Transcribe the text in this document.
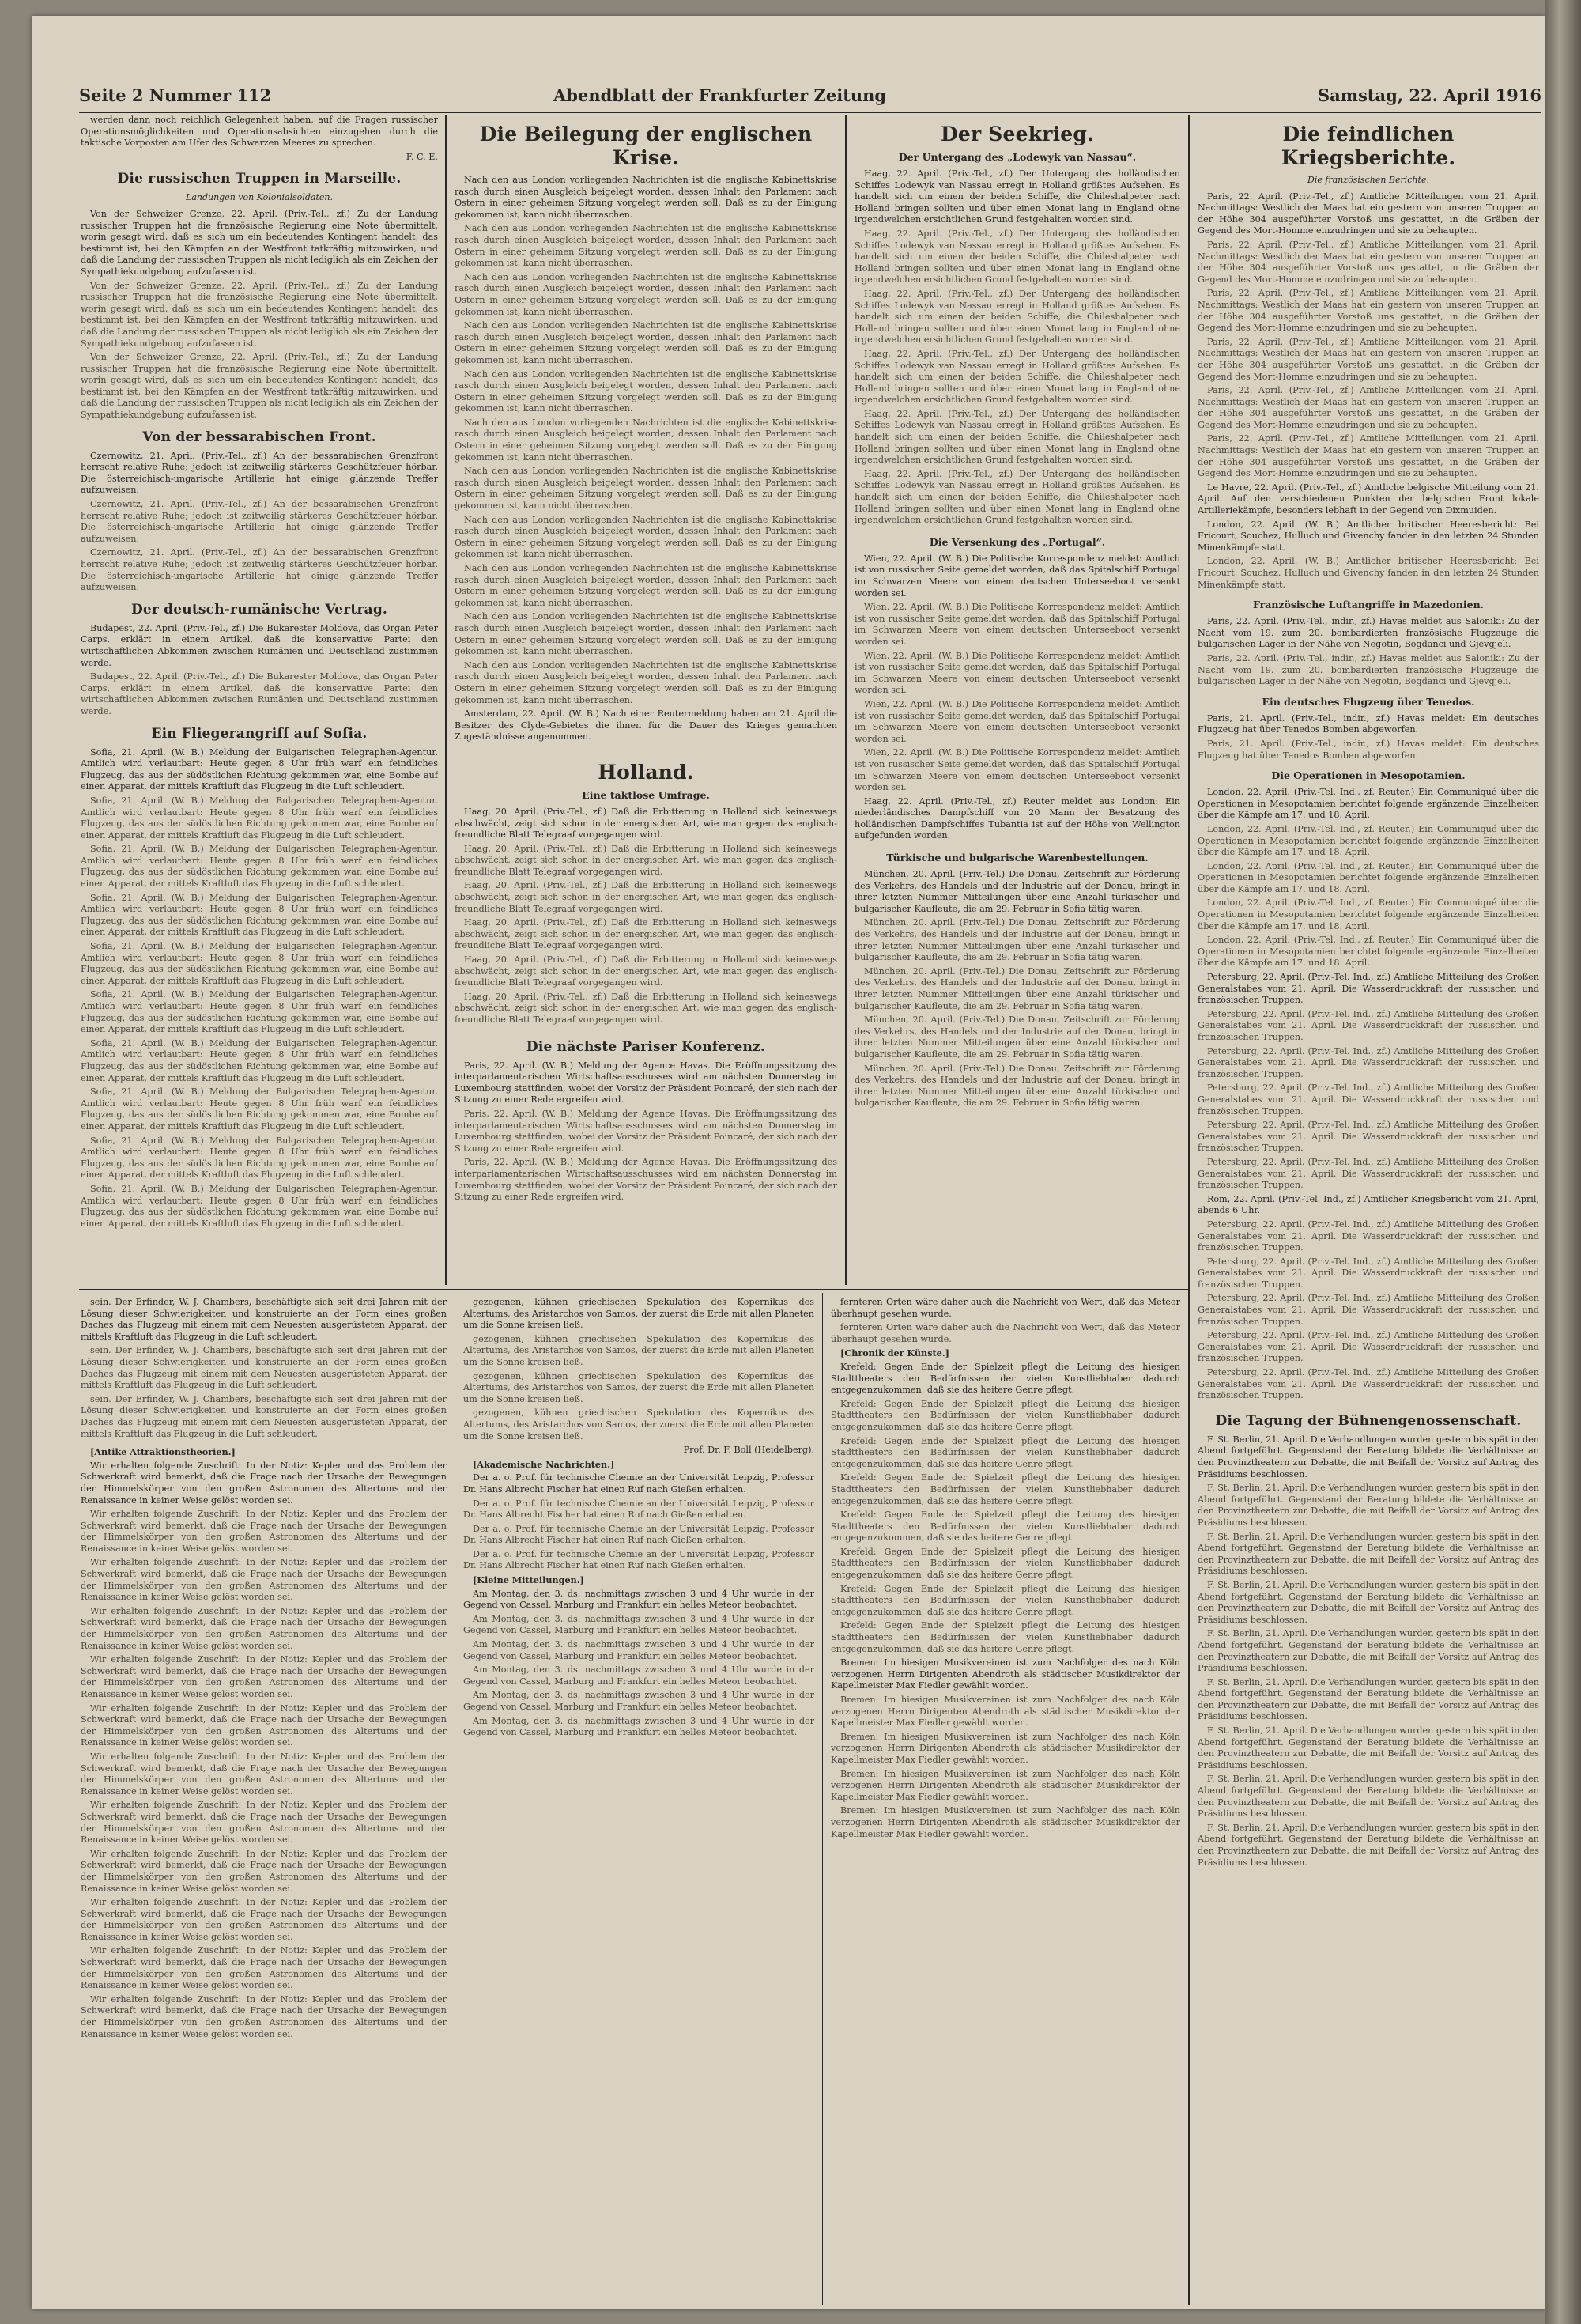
Seite 2 Nummer 112	Abendblatt der Frankfurter Zeitung	Samstag, 22. April 1916

werden dann noch reichlich Gelegenheit haben, auf die Fragen russischer Operationsmöglichkeiten und Operationsabsichten einzugehen durch die taktische Vorposten am Ufer des Schwarzen Meeres zu sprechen.

F. C. E.

Die russischen Truppen in Marseille.
Landungen von Kolonialsoldaten.

Von der Schweizer Grenze, 22. April. (Priv.-Tel., zf.) Zu der Landung russischer Truppen hat die französische Regierung eine Note übermittelt, worin gesagt wird, daß es sich um ein bedeutendes Kontingent handelt, das bestimmt ist, bei den Kämpfen an der Westfront tatkräftig mitzuwirken, und daß die Landung der russischen Truppen als nicht lediglich als ein Zeichen der Sympathiekundgebung aufzufassen ist.

Von der Schweizer Grenze, 22. April. (Priv.-Tel., zf.) Zu der Landung russischer Truppen hat die französische Regierung eine Note übermittelt, worin gesagt wird, daß es sich um ein bedeutendes Kontingent handelt, das bestimmt ist, bei den Kämpfen an der Westfront tatkräftig mitzuwirken, und daß die Landung der russischen Truppen als nicht lediglich als ein Zeichen der Sympathiekundgebung aufzufassen ist.

Von der Schweizer Grenze, 22. April. (Priv.-Tel., zf.) Zu der Landung russischer Truppen hat die französische Regierung eine Note übermittelt, worin gesagt wird, daß es sich um ein bedeutendes Kontingent handelt, das bestimmt ist, bei den Kämpfen an der Westfront tatkräftig mitzuwirken, und daß die Landung der russischen Truppen als nicht lediglich als ein Zeichen der Sympathiekundgebung aufzufassen ist.

Von der bessarabischen Front.

Czernowitz, 21. April. (Priv.-Tel., zf.) An der bessarabischen Grenzfront herrscht relative Ruhe; jedoch ist zeitweilig stärkeres Geschützfeuer hörbar. Die österreichisch-ungarische Artillerie hat einige glänzende Treffer aufzuweisen.

Czernowitz, 21. April. (Priv.-Tel., zf.) An der bessarabischen Grenzfront herrscht relative Ruhe; jedoch ist zeitweilig stärkeres Geschützfeuer hörbar. Die österreichisch-ungarische Artillerie hat einige glänzende Treffer aufzuweisen.

Czernowitz, 21. April. (Priv.-Tel., zf.) An der bessarabischen Grenzfront herrscht relative Ruhe; jedoch ist zeitweilig stärkeres Geschützfeuer hörbar. Die österreichisch-ungarische Artillerie hat einige glänzende Treffer aufzuweisen.

Der deutsch-rumänische Vertrag.

Budapest, 22. April. (Priv.-Tel., zf.) Die Bukarester Moldova, das Organ Peter Carps, erklärt in einem Artikel, daß die konservative Partei den wirtschaftlichen Abkommen zwischen Rumänien und Deutschland zustimmen werde.

Budapest, 22. April. (Priv.-Tel., zf.) Die Bukarester Moldova, das Organ Peter Carps, erklärt in einem Artikel, daß die konservative Partei den wirtschaftlichen Abkommen zwischen Rumänien und Deutschland zustimmen werde.

Ein Fliegerangriff auf Sofia.

Sofia, 21. April. (W. B.) Meldung der Bulgarischen Telegraphen-Agentur. Amtlich wird verlautbart: Heute gegen 8 Uhr früh warf ein feindliches Flugzeug, das aus der südöstlichen Richtung gekommen war, eine Bombe auf einen Apparat, der mittels Kraftluft das Flugzeug in die Luft schleudert.

Sofia, 21. April. (W. B.) Meldung der Bulgarischen Telegraphen-Agentur. Amtlich wird verlautbart: Heute gegen 8 Uhr früh warf ein feindliches Flugzeug, das aus der südöstlichen Richtung gekommen war, eine Bombe auf einen Apparat, der mittels Kraftluft das Flugzeug in die Luft schleudert.

Sofia, 21. April. (W. B.) Meldung der Bulgarischen Telegraphen-Agentur. Amtlich wird verlautbart: Heute gegen 8 Uhr früh warf ein feindliches Flugzeug, das aus der südöstlichen Richtung gekommen war, eine Bombe auf einen Apparat, der mittels Kraftluft das Flugzeug in die Luft schleudert.

Sofia, 21. April. (W. B.) Meldung der Bulgarischen Telegraphen-Agentur. Amtlich wird verlautbart: Heute gegen 8 Uhr früh warf ein feindliches Flugzeug, das aus der südöstlichen Richtung gekommen war, eine Bombe auf einen Apparat, der mittels Kraftluft das Flugzeug in die Luft schleudert.

Sofia, 21. April. (W. B.) Meldung der Bulgarischen Telegraphen-Agentur. Amtlich wird verlautbart: Heute gegen 8 Uhr früh warf ein feindliches Flugzeug, das aus der südöstlichen Richtung gekommen war, eine Bombe auf einen Apparat, der mittels Kraftluft das Flugzeug in die Luft schleudert.

Sofia, 21. April. (W. B.) Meldung der Bulgarischen Telegraphen-Agentur. Amtlich wird verlautbart: Heute gegen 8 Uhr früh warf ein feindliches Flugzeug, das aus der südöstlichen Richtung gekommen war, eine Bombe auf einen Apparat, der mittels Kraftluft das Flugzeug in die Luft schleudert.

Sofia, 21. April. (W. B.) Meldung der Bulgarischen Telegraphen-Agentur. Amtlich wird verlautbart: Heute gegen 8 Uhr früh warf ein feindliches Flugzeug, das aus der südöstlichen Richtung gekommen war, eine Bombe auf einen Apparat, der mittels Kraftluft das Flugzeug in die Luft schleudert.

Sofia, 21. April. (W. B.) Meldung der Bulgarischen Telegraphen-Agentur. Amtlich wird verlautbart: Heute gegen 8 Uhr früh warf ein feindliches Flugzeug, das aus der südöstlichen Richtung gekommen war, eine Bombe auf einen Apparat, der mittels Kraftluft das Flugzeug in die Luft schleudert.

Sofia, 21. April. (W. B.) Meldung der Bulgarischen Telegraphen-Agentur. Amtlich wird verlautbart: Heute gegen 8 Uhr früh warf ein feindliches Flugzeug, das aus der südöstlichen Richtung gekommen war, eine Bombe auf einen Apparat, der mittels Kraftluft das Flugzeug in die Luft schleudert.

Sofia, 21. April. (W. B.) Meldung der Bulgarischen Telegraphen-Agentur. Amtlich wird verlautbart: Heute gegen 8 Uhr früh warf ein feindliches Flugzeug, das aus der südöstlichen Richtung gekommen war, eine Bombe auf einen Apparat, der mittels Kraftluft das Flugzeug in die Luft schleudert.

Die Beilegung der englischen Krise.

Nach den aus London vorliegenden Nachrichten ist die englische Kabinettskrise rasch durch einen Ausgleich beigelegt worden, dessen Inhalt den Parlament nach Ostern in einer geheimen Sitzung vorgelegt werden soll. Daß es zu der Einigung gekommen ist, kann nicht überraschen.

Nach den aus London vorliegenden Nachrichten ist die englische Kabinettskrise rasch durch einen Ausgleich beigelegt worden, dessen Inhalt den Parlament nach Ostern in einer geheimen Sitzung vorgelegt werden soll. Daß es zu der Einigung gekommen ist, kann nicht überraschen.

Nach den aus London vorliegenden Nachrichten ist die englische Kabinettskrise rasch durch einen Ausgleich beigelegt worden, dessen Inhalt den Parlament nach Ostern in einer geheimen Sitzung vorgelegt werden soll. Daß es zu der Einigung gekommen ist, kann nicht überraschen.

Nach den aus London vorliegenden Nachrichten ist die englische Kabinettskrise rasch durch einen Ausgleich beigelegt worden, dessen Inhalt den Parlament nach Ostern in einer geheimen Sitzung vorgelegt werden soll. Daß es zu der Einigung gekommen ist, kann nicht überraschen.

Nach den aus London vorliegenden Nachrichten ist die englische Kabinettskrise rasch durch einen Ausgleich beigelegt worden, dessen Inhalt den Parlament nach Ostern in einer geheimen Sitzung vorgelegt werden soll. Daß es zu der Einigung gekommen ist, kann nicht überraschen.

Nach den aus London vorliegenden Nachrichten ist die englische Kabinettskrise rasch durch einen Ausgleich beigelegt worden, dessen Inhalt den Parlament nach Ostern in einer geheimen Sitzung vorgelegt werden soll. Daß es zu der Einigung gekommen ist, kann nicht überraschen.

Nach den aus London vorliegenden Nachrichten ist die englische Kabinettskrise rasch durch einen Ausgleich beigelegt worden, dessen Inhalt den Parlament nach Ostern in einer geheimen Sitzung vorgelegt werden soll. Daß es zu der Einigung gekommen ist, kann nicht überraschen.

Nach den aus London vorliegenden Nachrichten ist die englische Kabinettskrise rasch durch einen Ausgleich beigelegt worden, dessen Inhalt den Parlament nach Ostern in einer geheimen Sitzung vorgelegt werden soll. Daß es zu der Einigung gekommen ist, kann nicht überraschen.

Nach den aus London vorliegenden Nachrichten ist die englische Kabinettskrise rasch durch einen Ausgleich beigelegt worden, dessen Inhalt den Parlament nach Ostern in einer geheimen Sitzung vorgelegt werden soll. Daß es zu der Einigung gekommen ist, kann nicht überraschen.

Nach den aus London vorliegenden Nachrichten ist die englische Kabinettskrise rasch durch einen Ausgleich beigelegt worden, dessen Inhalt den Parlament nach Ostern in einer geheimen Sitzung vorgelegt werden soll. Daß es zu der Einigung gekommen ist, kann nicht überraschen.

Nach den aus London vorliegenden Nachrichten ist die englische Kabinettskrise rasch durch einen Ausgleich beigelegt worden, dessen Inhalt den Parlament nach Ostern in einer geheimen Sitzung vorgelegt werden soll. Daß es zu der Einigung gekommen ist, kann nicht überraschen.

Amsterdam, 22. April. (W. B.) Nach einer Reutermeldung haben am 21. April die Besitzer des Clyde-Gebietes die ihnen für die Dauer des Krieges gemachten Zugeständnisse angenommen.

Holland.
Eine taktlose Umfrage.

Haag, 20. April. (Priv.-Tel., zf.) Daß die Erbitterung in Holland sich keineswegs abschwächt, zeigt sich schon in der energischen Art, wie man gegen das englisch-freundliche Blatt Telegraaf vorgegangen wird.

Haag, 20. April. (Priv.-Tel., zf.) Daß die Erbitterung in Holland sich keineswegs abschwächt, zeigt sich schon in der energischen Art, wie man gegen das englisch-freundliche Blatt Telegraaf vorgegangen wird.

Haag, 20. April. (Priv.-Tel., zf.) Daß die Erbitterung in Holland sich keineswegs abschwächt, zeigt sich schon in der energischen Art, wie man gegen das englisch-freundliche Blatt Telegraaf vorgegangen wird.

Haag, 20. April. (Priv.-Tel., zf.) Daß die Erbitterung in Holland sich keineswegs abschwächt, zeigt sich schon in der energischen Art, wie man gegen das englisch-freundliche Blatt Telegraaf vorgegangen wird.

Haag, 20. April. (Priv.-Tel., zf.) Daß die Erbitterung in Holland sich keineswegs abschwächt, zeigt sich schon in der energischen Art, wie man gegen das englisch-freundliche Blatt Telegraaf vorgegangen wird.

Haag, 20. April. (Priv.-Tel., zf.) Daß die Erbitterung in Holland sich keineswegs abschwächt, zeigt sich schon in der energischen Art, wie man gegen das englisch-freundliche Blatt Telegraaf vorgegangen wird.

Die nächste Pariser Konferenz.

Paris, 22. April. (W. B.) Meldung der Agence Havas. Die Eröffnungssitzung des interparlamentarischen Wirtschaftsausschusses wird am nächsten Donnerstag im Luxembourg stattfinden, wobei der Vorsitz der Präsident Poincaré, der sich nach der Sitzung zu einer Rede ergreifen wird.

Paris, 22. April. (W. B.) Meldung der Agence Havas. Die Eröffnungssitzung des interparlamentarischen Wirtschaftsausschusses wird am nächsten Donnerstag im Luxembourg stattfinden, wobei der Vorsitz der Präsident Poincaré, der sich nach der Sitzung zu einer Rede ergreifen wird.

Paris, 22. April. (W. B.) Meldung der Agence Havas. Die Eröffnungssitzung des interparlamentarischen Wirtschaftsausschusses wird am nächsten Donnerstag im Luxembourg stattfinden, wobei der Vorsitz der Präsident Poincaré, der sich nach der Sitzung zu einer Rede ergreifen wird.

Der Seekrieg.
Der Untergang des „Lodewyk van Nassau“.

Haag, 22. April. (Priv.-Tel., zf.) Der Untergang des holländischen Schiffes Lodewyk van Nassau erregt in Holland größtes Aufsehen. Es handelt sich um einen der beiden Schiffe, die Chileshalpeter nach Holland bringen sollten und über einen Monat lang in England ohne irgendwelchen ersichtlichen Grund festgehalten worden sind.

Haag, 22. April. (Priv.-Tel., zf.) Der Untergang des holländischen Schiffes Lodewyk van Nassau erregt in Holland größtes Aufsehen. Es handelt sich um einen der beiden Schiffe, die Chileshalpeter nach Holland bringen sollten und über einen Monat lang in England ohne irgendwelchen ersichtlichen Grund festgehalten worden sind.

Haag, 22. April. (Priv.-Tel., zf.) Der Untergang des holländischen Schiffes Lodewyk van Nassau erregt in Holland größtes Aufsehen. Es handelt sich um einen der beiden Schiffe, die Chileshalpeter nach Holland bringen sollten und über einen Monat lang in England ohne irgendwelchen ersichtlichen Grund festgehalten worden sind.

Haag, 22. April. (Priv.-Tel., zf.) Der Untergang des holländischen Schiffes Lodewyk van Nassau erregt in Holland größtes Aufsehen. Es handelt sich um einen der beiden Schiffe, die Chileshalpeter nach Holland bringen sollten und über einen Monat lang in England ohne irgendwelchen ersichtlichen Grund festgehalten worden sind.

Haag, 22. April. (Priv.-Tel., zf.) Der Untergang des holländischen Schiffes Lodewyk van Nassau erregt in Holland größtes Aufsehen. Es handelt sich um einen der beiden Schiffe, die Chileshalpeter nach Holland bringen sollten und über einen Monat lang in England ohne irgendwelchen ersichtlichen Grund festgehalten worden sind.

Haag, 22. April. (Priv.-Tel., zf.) Der Untergang des holländischen Schiffes Lodewyk van Nassau erregt in Holland größtes Aufsehen. Es handelt sich um einen der beiden Schiffe, die Chileshalpeter nach Holland bringen sollten und über einen Monat lang in England ohne irgendwelchen ersichtlichen Grund festgehalten worden sind.

Die Versenkung des „Portugal“.

Wien, 22. April. (W. B.) Die Politische Korrespondenz meldet: Amtlich ist von russischer Seite gemeldet worden, daß das Spitalschiff Portugal im Schwarzen Meere von einem deutschen Unterseeboot versenkt worden sei.

Wien, 22. April. (W. B.) Die Politische Korrespondenz meldet: Amtlich ist von russischer Seite gemeldet worden, daß das Spitalschiff Portugal im Schwarzen Meere von einem deutschen Unterseeboot versenkt worden sei.

Wien, 22. April. (W. B.) Die Politische Korrespondenz meldet: Amtlich ist von russischer Seite gemeldet worden, daß das Spitalschiff Portugal im Schwarzen Meere von einem deutschen Unterseeboot versenkt worden sei.

Wien, 22. April. (W. B.) Die Politische Korrespondenz meldet: Amtlich ist von russischer Seite gemeldet worden, daß das Spitalschiff Portugal im Schwarzen Meere von einem deutschen Unterseeboot versenkt worden sei.

Wien, 22. April. (W. B.) Die Politische Korrespondenz meldet: Amtlich ist von russischer Seite gemeldet worden, daß das Spitalschiff Portugal im Schwarzen Meere von einem deutschen Unterseeboot versenkt worden sei.

Haag, 22. April. (Priv.-Tel., zf.) Reuter meldet aus London: Ein niederländisches Dampfschiff von 20 Mann der Besatzung des holländischen Dampfschiffes Tubantia ist auf der Höhe von Wellington aufgefunden worden.

Türkische und bulgarische Warenbestellungen.

München, 20. April. (Priv.-Tel.) Die Donau, Zeitschrift zur Förderung des Verkehrs, des Handels und der Industrie auf der Donau, bringt in ihrer letzten Nummer Mitteilungen über eine Anzahl türkischer und bulgarischer Kaufleute, die am 29. Februar in Sofia tätig waren.

München, 20. April. (Priv.-Tel.) Die Donau, Zeitschrift zur Förderung des Verkehrs, des Handels und der Industrie auf der Donau, bringt in ihrer letzten Nummer Mitteilungen über eine Anzahl türkischer und bulgarischer Kaufleute, die am 29. Februar in Sofia tätig waren.

München, 20. April. (Priv.-Tel.) Die Donau, Zeitschrift zur Förderung des Verkehrs, des Handels und der Industrie auf der Donau, bringt in ihrer letzten Nummer Mitteilungen über eine Anzahl türkischer und bulgarischer Kaufleute, die am 29. Februar in Sofia tätig waren.

München, 20. April. (Priv.-Tel.) Die Donau, Zeitschrift zur Förderung des Verkehrs, des Handels und der Industrie auf der Donau, bringt in ihrer letzten Nummer Mitteilungen über eine Anzahl türkischer und bulgarischer Kaufleute, die am 29. Februar in Sofia tätig waren.

München, 20. April. (Priv.-Tel.) Die Donau, Zeitschrift zur Förderung des Verkehrs, des Handels und der Industrie auf der Donau, bringt in ihrer letzten Nummer Mitteilungen über eine Anzahl türkischer und bulgarischer Kaufleute, die am 29. Februar in Sofia tätig waren.

Die feindlichen Kriegsberichte.
Die französischen Berichte.

Paris, 22. April. (Priv.-Tel., zf.) Amtliche Mitteilungen vom 21. April. Nachmittags: Westlich der Maas hat ein gestern von unseren Truppen an der Höhe 304 ausgeführter Vorstoß uns gestattet, in die Gräben der Gegend des Mort-Homme einzudringen und sie zu behaupten.

Paris, 22. April. (Priv.-Tel., zf.) Amtliche Mitteilungen vom 21. April. Nachmittags: Westlich der Maas hat ein gestern von unseren Truppen an der Höhe 304 ausgeführter Vorstoß uns gestattet, in die Gräben der Gegend des Mort-Homme einzudringen und sie zu behaupten.

Paris, 22. April. (Priv.-Tel., zf.) Amtliche Mitteilungen vom 21. April. Nachmittags: Westlich der Maas hat ein gestern von unseren Truppen an der Höhe 304 ausgeführter Vorstoß uns gestattet, in die Gräben der Gegend des Mort-Homme einzudringen und sie zu behaupten.

Paris, 22. April. (Priv.-Tel., zf.) Amtliche Mitteilungen vom 21. April. Nachmittags: Westlich der Maas hat ein gestern von unseren Truppen an der Höhe 304 ausgeführter Vorstoß uns gestattet, in die Gräben der Gegend des Mort-Homme einzudringen und sie zu behaupten.

Paris, 22. April. (Priv.-Tel., zf.) Amtliche Mitteilungen vom 21. April. Nachmittags: Westlich der Maas hat ein gestern von unseren Truppen an der Höhe 304 ausgeführter Vorstoß uns gestattet, in die Gräben der Gegend des Mort-Homme einzudringen und sie zu behaupten.

Paris, 22. April. (Priv.-Tel., zf.) Amtliche Mitteilungen vom 21. April. Nachmittags: Westlich der Maas hat ein gestern von unseren Truppen an der Höhe 304 ausgeführter Vorstoß uns gestattet, in die Gräben der Gegend des Mort-Homme einzudringen und sie zu behaupten.

Le Havre, 22. April. (Priv.-Tel., zf.) Amtliche belgische Mitteilung vom 21. April. Auf den verschiedenen Punkten der belgischen Front lokale Artilleriekämpfe, besonders lebhaft in der Gegend von Dixmuiden.

London, 22. April. (W. B.) Amtlicher britischer Heeresbericht: Bei Fricourt, Souchez, Hulluch und Givenchy fanden in den letzten 24 Stunden Minenkämpfe statt.

London, 22. April. (W. B.) Amtlicher britischer Heeresbericht: Bei Fricourt, Souchez, Hulluch und Givenchy fanden in den letzten 24 Stunden Minenkämpfe statt.

Französische Luftangriffe in Mazedonien.

Paris, 22. April. (Priv.-Tel., indir., zf.) Havas meldet aus Saloniki: Zu der Nacht vom 19. zum 20. bombardierten französische Flugzeuge die bulgarischen Lager in der Nähe von Negotin, Bogdanci und Gjevgjeli.

Paris, 22. April. (Priv.-Tel., indir., zf.) Havas meldet aus Saloniki: Zu der Nacht vom 19. zum 20. bombardierten französische Flugzeuge die bulgarischen Lager in der Nähe von Negotin, Bogdanci und Gjevgjeli.

Ein deutsches Flugzeug über Tenedos.

Paris, 21. April. (Priv.-Tel., indir., zf.) Havas meldet: Ein deutsches Flugzeug hat über Tenedos Bomben abgeworfen.

Paris, 21. April. (Priv.-Tel., indir., zf.) Havas meldet: Ein deutsches Flugzeug hat über Tenedos Bomben abgeworfen.

Die Operationen in Mesopotamien.

London, 22. April. (Priv.-Tel. Ind., zf. Reuter.) Ein Communiqué über die Operationen in Mesopotamien berichtet folgende ergänzende Einzelheiten über die Kämpfe am 17. und 18. April.

London, 22. April. (Priv.-Tel. Ind., zf. Reuter.) Ein Communiqué über die Operationen in Mesopotamien berichtet folgende ergänzende Einzelheiten über die Kämpfe am 17. und 18. April.

London, 22. April. (Priv.-Tel. Ind., zf. Reuter.) Ein Communiqué über die Operationen in Mesopotamien berichtet folgende ergänzende Einzelheiten über die Kämpfe am 17. und 18. April.

London, 22. April. (Priv.-Tel. Ind., zf. Reuter.) Ein Communiqué über die Operationen in Mesopotamien berichtet folgende ergänzende Einzelheiten über die Kämpfe am 17. und 18. April.

London, 22. April. (Priv.-Tel. Ind., zf. Reuter.) Ein Communiqué über die Operationen in Mesopotamien berichtet folgende ergänzende Einzelheiten über die Kämpfe am 17. und 18. April.

Petersburg, 22. April. (Priv.-Tel. Ind., zf.) Amtliche Mitteilung des Großen Generalstabes vom 21. April. Die Wasserdruckkraft der russischen und französischen Truppen.

Petersburg, 22. April. (Priv.-Tel. Ind., zf.) Amtliche Mitteilung des Großen Generalstabes vom 21. April. Die Wasserdruckkraft der russischen und französischen Truppen.

Petersburg, 22. April. (Priv.-Tel. Ind., zf.) Amtliche Mitteilung des Großen Generalstabes vom 21. April. Die Wasserdruckkraft der russischen und französischen Truppen.

Petersburg, 22. April. (Priv.-Tel. Ind., zf.) Amtliche Mitteilung des Großen Generalstabes vom 21. April. Die Wasserdruckkraft der russischen und französischen Truppen.

Petersburg, 22. April. (Priv.-Tel. Ind., zf.) Amtliche Mitteilung des Großen Generalstabes vom 21. April. Die Wasserdruckkraft der russischen und französischen Truppen.

Petersburg, 22. April. (Priv.-Tel. Ind., zf.) Amtliche Mitteilung des Großen Generalstabes vom 21. April. Die Wasserdruckkraft der russischen und französischen Truppen.

Rom, 22. April. (Priv.-Tel. Ind., zf.) Amtlicher Kriegsbericht vom 21. April, abends 6 Uhr.

Petersburg, 22. April. (Priv.-Tel. Ind., zf.) Amtliche Mitteilung des Großen Generalstabes vom 21. April. Die Wasserdruckkraft der russischen und französischen Truppen.

Petersburg, 22. April. (Priv.-Tel. Ind., zf.) Amtliche Mitteilung des Großen Generalstabes vom 21. April. Die Wasserdruckkraft der russischen und französischen Truppen.

Petersburg, 22. April. (Priv.-Tel. Ind., zf.) Amtliche Mitteilung des Großen Generalstabes vom 21. April. Die Wasserdruckkraft der russischen und französischen Truppen.

Petersburg, 22. April. (Priv.-Tel. Ind., zf.) Amtliche Mitteilung des Großen Generalstabes vom 21. April. Die Wasserdruckkraft der russischen und französischen Truppen.

Petersburg, 22. April. (Priv.-Tel. Ind., zf.) Amtliche Mitteilung des Großen Generalstabes vom 21. April. Die Wasserdruckkraft der russischen und französischen Truppen.

Die Tagung der Bühnengenossenschaft.

F. St. Berlin, 21. April. Die Verhandlungen wurden gestern bis spät in den Abend fortgeführt. Gegenstand der Beratung bildete die Verhältnisse an den Provinztheatern zur Debatte, die mit Beifall der Vorsitz auf Antrag des Präsidiums beschlossen.

F. St. Berlin, 21. April. Die Verhandlungen wurden gestern bis spät in den Abend fortgeführt. Gegenstand der Beratung bildete die Verhältnisse an den Provinztheatern zur Debatte, die mit Beifall der Vorsitz auf Antrag des Präsidiums beschlossen.

F. St. Berlin, 21. April. Die Verhandlungen wurden gestern bis spät in den Abend fortgeführt. Gegenstand der Beratung bildete die Verhältnisse an den Provinztheatern zur Debatte, die mit Beifall der Vorsitz auf Antrag des Präsidiums beschlossen.

F. St. Berlin, 21. April. Die Verhandlungen wurden gestern bis spät in den Abend fortgeführt. Gegenstand der Beratung bildete die Verhältnisse an den Provinztheatern zur Debatte, die mit Beifall der Vorsitz auf Antrag des Präsidiums beschlossen.

F. St. Berlin, 21. April. Die Verhandlungen wurden gestern bis spät in den Abend fortgeführt. Gegenstand der Beratung bildete die Verhältnisse an den Provinztheatern zur Debatte, die mit Beifall der Vorsitz auf Antrag des Präsidiums beschlossen.

F. St. Berlin, 21. April. Die Verhandlungen wurden gestern bis spät in den Abend fortgeführt. Gegenstand der Beratung bildete die Verhältnisse an den Provinztheatern zur Debatte, die mit Beifall der Vorsitz auf Antrag des Präsidiums beschlossen.

F. St. Berlin, 21. April. Die Verhandlungen wurden gestern bis spät in den Abend fortgeführt. Gegenstand der Beratung bildete die Verhältnisse an den Provinztheatern zur Debatte, die mit Beifall der Vorsitz auf Antrag des Präsidiums beschlossen.

F. St. Berlin, 21. April. Die Verhandlungen wurden gestern bis spät in den Abend fortgeführt. Gegenstand der Beratung bildete die Verhältnisse an den Provinztheatern zur Debatte, die mit Beifall der Vorsitz auf Antrag des Präsidiums beschlossen.

F. St. Berlin, 21. April. Die Verhandlungen wurden gestern bis spät in den Abend fortgeführt. Gegenstand der Beratung bildete die Verhältnisse an den Provinztheatern zur Debatte, die mit Beifall der Vorsitz auf Antrag des Präsidiums beschlossen.

sein. Der Erfinder, W. J. Chambers, beschäftigte sich seit drei Jahren mit der Lösung dieser Schwierigkeiten und konstruierte an der Form eines großen Daches das Flugzeug mit einem mit dem Neuesten ausgerüsteten Apparat, der mittels Kraftluft das Flugzeug in die Luft schleudert.

sein. Der Erfinder, W. J. Chambers, beschäftigte sich seit drei Jahren mit der Lösung dieser Schwierigkeiten und konstruierte an der Form eines großen Daches das Flugzeug mit einem mit dem Neuesten ausgerüsteten Apparat, der mittels Kraftluft das Flugzeug in die Luft schleudert.

sein. Der Erfinder, W. J. Chambers, beschäftigte sich seit drei Jahren mit der Lösung dieser Schwierigkeiten und konstruierte an der Form eines großen Daches das Flugzeug mit einem mit dem Neuesten ausgerüsteten Apparat, der mittels Kraftluft das Flugzeug in die Luft schleudert.

[Antike Attraktionstheorien.]

Wir erhalten folgende Zuschrift: In der Notiz: Kepler und das Problem der Schwerkraft wird bemerkt, daß die Frage nach der Ursache der Bewegungen der Himmelskörper von den großen Astronomen des Altertums und der Renaissance in keiner Weise gelöst worden sei.

Wir erhalten folgende Zuschrift: In der Notiz: Kepler und das Problem der Schwerkraft wird bemerkt, daß die Frage nach der Ursache der Bewegungen der Himmelskörper von den großen Astronomen des Altertums und der Renaissance in keiner Weise gelöst worden sei.

Wir erhalten folgende Zuschrift: In der Notiz: Kepler und das Problem der Schwerkraft wird bemerkt, daß die Frage nach der Ursache der Bewegungen der Himmelskörper von den großen Astronomen des Altertums und der Renaissance in keiner Weise gelöst worden sei.

Wir erhalten folgende Zuschrift: In der Notiz: Kepler und das Problem der Schwerkraft wird bemerkt, daß die Frage nach der Ursache der Bewegungen der Himmelskörper von den großen Astronomen des Altertums und der Renaissance in keiner Weise gelöst worden sei.

Wir erhalten folgende Zuschrift: In der Notiz: Kepler und das Problem der Schwerkraft wird bemerkt, daß die Frage nach der Ursache der Bewegungen der Himmelskörper von den großen Astronomen des Altertums und der Renaissance in keiner Weise gelöst worden sei.

Wir erhalten folgende Zuschrift: In der Notiz: Kepler und das Problem der Schwerkraft wird bemerkt, daß die Frage nach der Ursache der Bewegungen der Himmelskörper von den großen Astronomen des Altertums und der Renaissance in keiner Weise gelöst worden sei.

Wir erhalten folgende Zuschrift: In der Notiz: Kepler und das Problem der Schwerkraft wird bemerkt, daß die Frage nach der Ursache der Bewegungen der Himmelskörper von den großen Astronomen des Altertums und der Renaissance in keiner Weise gelöst worden sei.

Wir erhalten folgende Zuschrift: In der Notiz: Kepler und das Problem der Schwerkraft wird bemerkt, daß die Frage nach der Ursache der Bewegungen der Himmelskörper von den großen Astronomen des Altertums und der Renaissance in keiner Weise gelöst worden sei.

Wir erhalten folgende Zuschrift: In der Notiz: Kepler und das Problem der Schwerkraft wird bemerkt, daß die Frage nach der Ursache der Bewegungen der Himmelskörper von den großen Astronomen des Altertums und der Renaissance in keiner Weise gelöst worden sei.

Wir erhalten folgende Zuschrift: In der Notiz: Kepler und das Problem der Schwerkraft wird bemerkt, daß die Frage nach der Ursache der Bewegungen der Himmelskörper von den großen Astronomen des Altertums und der Renaissance in keiner Weise gelöst worden sei.

Wir erhalten folgende Zuschrift: In der Notiz: Kepler und das Problem der Schwerkraft wird bemerkt, daß die Frage nach der Ursache der Bewegungen der Himmelskörper von den großen Astronomen des Altertums und der Renaissance in keiner Weise gelöst worden sei.

Wir erhalten folgende Zuschrift: In der Notiz: Kepler und das Problem der Schwerkraft wird bemerkt, daß die Frage nach der Ursache der Bewegungen der Himmelskörper von den großen Astronomen des Altertums und der Renaissance in keiner Weise gelöst worden sei.

gezogenen, kühnen griechischen Spekulation des Kopernikus des Altertums, des Aristarchos von Samos, der zuerst die Erde mit allen Planeten um die Sonne kreisen ließ.

gezogenen, kühnen griechischen Spekulation des Kopernikus des Altertums, des Aristarchos von Samos, der zuerst die Erde mit allen Planeten um die Sonne kreisen ließ.

gezogenen, kühnen griechischen Spekulation des Kopernikus des Altertums, des Aristarchos von Samos, der zuerst die Erde mit allen Planeten um die Sonne kreisen ließ.

gezogenen, kühnen griechischen Spekulation des Kopernikus des Altertums, des Aristarchos von Samos, der zuerst die Erde mit allen Planeten um die Sonne kreisen ließ.

Prof. Dr. F. Boll (Heidelberg).

[Akademische Nachrichten.]

Der a. o. Prof. für technische Chemie an der Universität Leipzig, Professor Dr. Hans Albrecht Fischer hat einen Ruf nach Gießen erhalten.

Der a. o. Prof. für technische Chemie an der Universität Leipzig, Professor Dr. Hans Albrecht Fischer hat einen Ruf nach Gießen erhalten.

Der a. o. Prof. für technische Chemie an der Universität Leipzig, Professor Dr. Hans Albrecht Fischer hat einen Ruf nach Gießen erhalten.

Der a. o. Prof. für technische Chemie an der Universität Leipzig, Professor Dr. Hans Albrecht Fischer hat einen Ruf nach Gießen erhalten.

[Kleine Mitteilungen.]

Am Montag, den 3. ds. nachmittags zwischen 3 und 4 Uhr wurde in der Gegend von Cassel, Marburg und Frankfurt ein helles Meteor beobachtet.

Am Montag, den 3. ds. nachmittags zwischen 3 und 4 Uhr wurde in der Gegend von Cassel, Marburg und Frankfurt ein helles Meteor beobachtet.

Am Montag, den 3. ds. nachmittags zwischen 3 und 4 Uhr wurde in der Gegend von Cassel, Marburg und Frankfurt ein helles Meteor beobachtet.

Am Montag, den 3. ds. nachmittags zwischen 3 und 4 Uhr wurde in der Gegend von Cassel, Marburg und Frankfurt ein helles Meteor beobachtet.

Am Montag, den 3. ds. nachmittags zwischen 3 und 4 Uhr wurde in der Gegend von Cassel, Marburg und Frankfurt ein helles Meteor beobachtet.

Am Montag, den 3. ds. nachmittags zwischen 3 und 4 Uhr wurde in der Gegend von Cassel, Marburg und Frankfurt ein helles Meteor beobachtet.

fernteren Orten wäre daher auch die Nachricht von Wert, daß das Meteor überhaupt gesehen wurde.

fernteren Orten wäre daher auch die Nachricht von Wert, daß das Meteor überhaupt gesehen wurde.

[Chronik der Künste.]

Krefeld: Gegen Ende der Spielzeit pflegt die Leitung des hiesigen Stadttheaters den Bedürfnissen der vielen Kunstliebhaber dadurch entgegenzukommen, daß sie das heitere Genre pflegt.

Krefeld: Gegen Ende der Spielzeit pflegt die Leitung des hiesigen Stadttheaters den Bedürfnissen der vielen Kunstliebhaber dadurch entgegenzukommen, daß sie das heitere Genre pflegt.

Krefeld: Gegen Ende der Spielzeit pflegt die Leitung des hiesigen Stadttheaters den Bedürfnissen der vielen Kunstliebhaber dadurch entgegenzukommen, daß sie das heitere Genre pflegt.

Krefeld: Gegen Ende der Spielzeit pflegt die Leitung des hiesigen Stadttheaters den Bedürfnissen der vielen Kunstliebhaber dadurch entgegenzukommen, daß sie das heitere Genre pflegt.

Krefeld: Gegen Ende der Spielzeit pflegt die Leitung des hiesigen Stadttheaters den Bedürfnissen der vielen Kunstliebhaber dadurch entgegenzukommen, daß sie das heitere Genre pflegt.

Krefeld: Gegen Ende der Spielzeit pflegt die Leitung des hiesigen Stadttheaters den Bedürfnissen der vielen Kunstliebhaber dadurch entgegenzukommen, daß sie das heitere Genre pflegt.

Krefeld: Gegen Ende der Spielzeit pflegt die Leitung des hiesigen Stadttheaters den Bedürfnissen der vielen Kunstliebhaber dadurch entgegenzukommen, daß sie das heitere Genre pflegt.

Krefeld: Gegen Ende der Spielzeit pflegt die Leitung des hiesigen Stadttheaters den Bedürfnissen der vielen Kunstliebhaber dadurch entgegenzukommen, daß sie das heitere Genre pflegt.

Bremen: Im hiesigen Musikvereinen ist zum Nachfolger des nach Köln verzogenen Herrn Dirigenten Abendroth als städtischer Musikdirektor der Kapellmeister Max Fiedler gewählt worden.

Bremen: Im hiesigen Musikvereinen ist zum Nachfolger des nach Köln verzogenen Herrn Dirigenten Abendroth als städtischer Musikdirektor der Kapellmeister Max Fiedler gewählt worden.

Bremen: Im hiesigen Musikvereinen ist zum Nachfolger des nach Köln verzogenen Herrn Dirigenten Abendroth als städtischer Musikdirektor der Kapellmeister Max Fiedler gewählt worden.

Bremen: Im hiesigen Musikvereinen ist zum Nachfolger des nach Köln verzogenen Herrn Dirigenten Abendroth als städtischer Musikdirektor der Kapellmeister Max Fiedler gewählt worden.

Bremen: Im hiesigen Musikvereinen ist zum Nachfolger des nach Köln verzogenen Herrn Dirigenten Abendroth als städtischer Musikdirektor der Kapellmeister Max Fiedler gewählt worden.
